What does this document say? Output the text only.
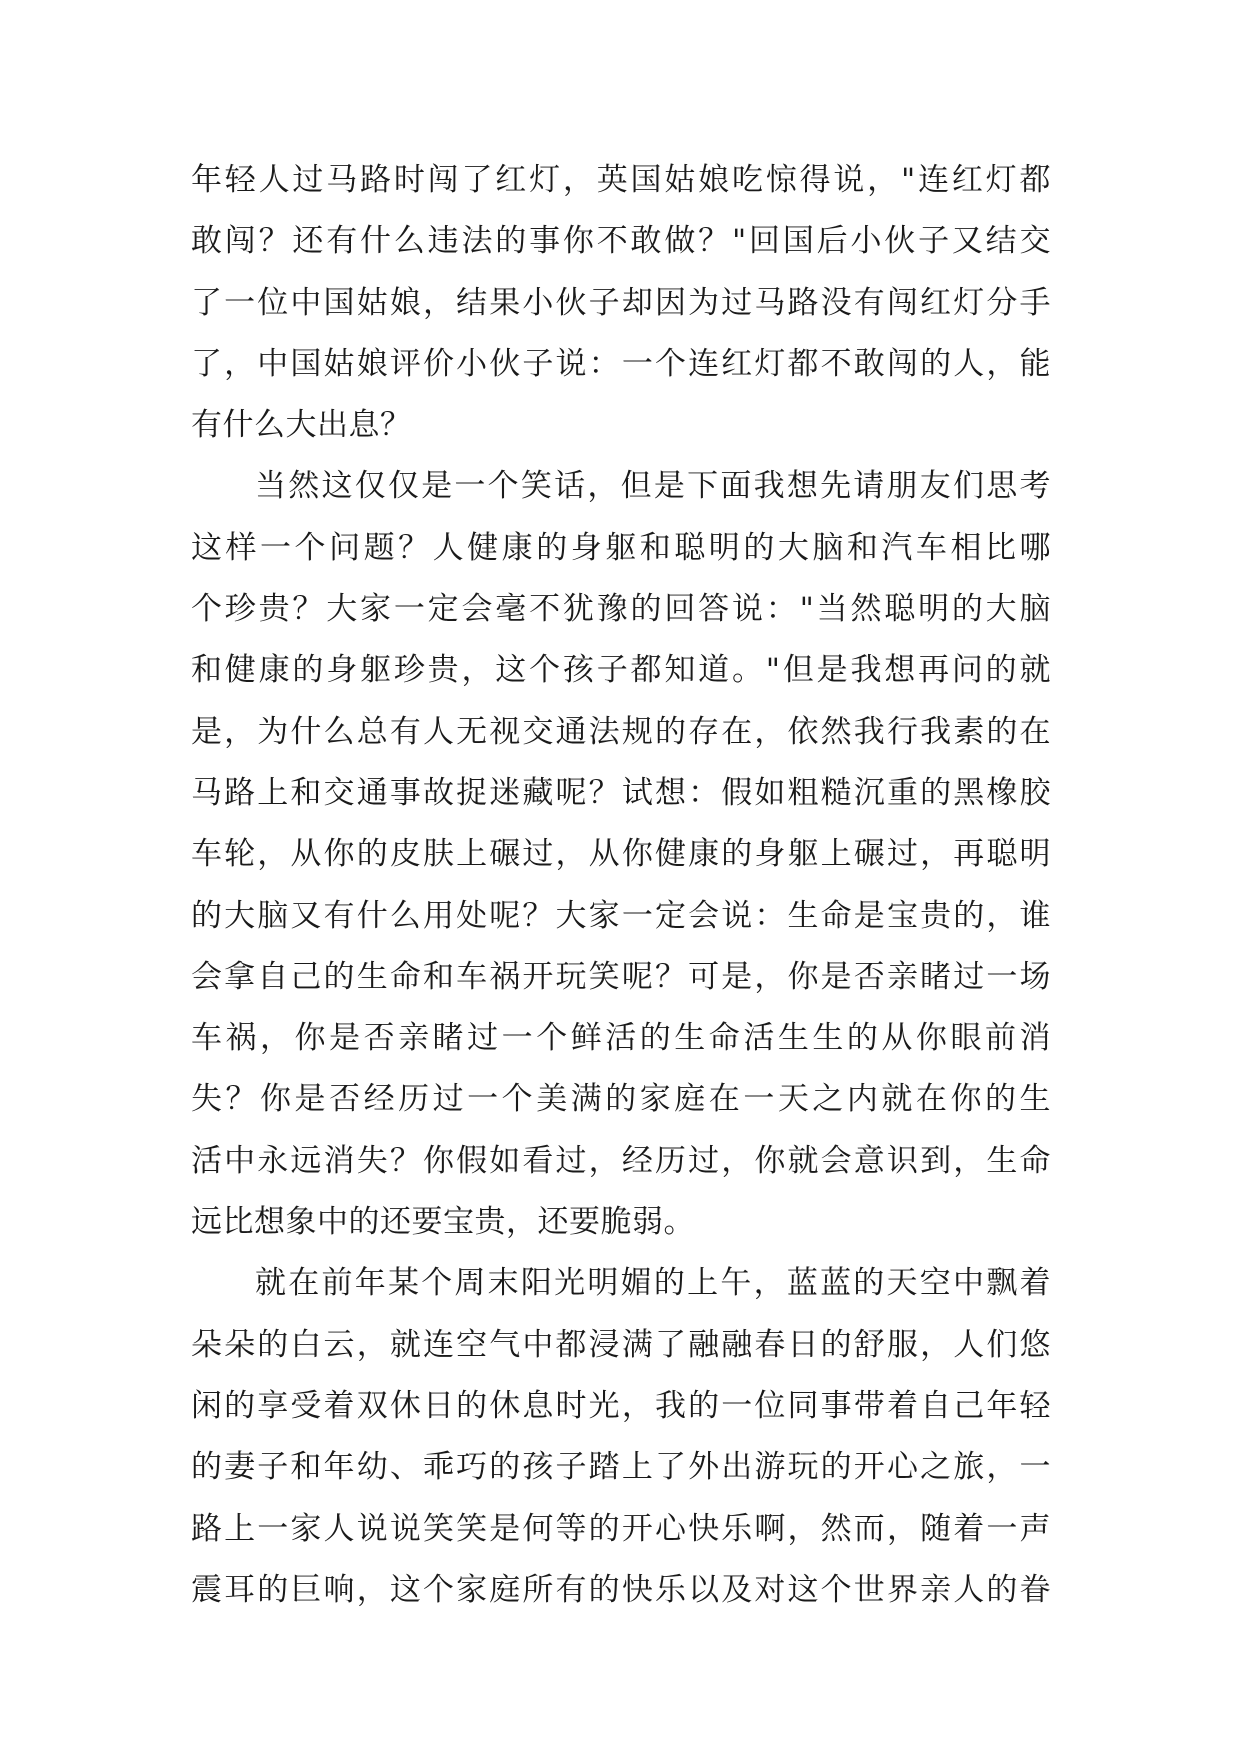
年轻人过马路时闯了红灯，英国姑娘吃惊得说，"连红灯都
敢闯？还有什么违法的事你不敢做？"回国后小伙子又结交
了一位中国姑娘，结果小伙子却因为过马路没有闯红灯分手
了，中国姑娘评价小伙子说：一个连红灯都不敢闯的人，能
有什么大出息？
当然这仅仅是一个笑话，但是下面我想先请朋友们思考
这样一个问题？人健康的身躯和聪明的大脑和汽车相比哪
个珍贵？大家一定会毫不犹豫的回答说："当然聪明的大脑
和健康的身躯珍贵，这个孩子都知道。"但是我想再问的就
是，为什么总有人无视交通法规的存在，依然我行我素的在
马路上和交通事故捉迷藏呢？试想：假如粗糙沉重的黑橡胶
车轮，从你的皮肤上碾过，从你健康的身躯上碾过，再聪明
的大脑又有什么用处呢？大家一定会说：生命是宝贵的，谁
会拿自己的生命和车祸开玩笑呢？可是，你是否亲睹过一场
车祸，你是否亲睹过一个鲜活的生命活生生的从你眼前消
失？你是否经历过一个美满的家庭在一天之内就在你的生
活中永远消失？你假如看过，经历过，你就会意识到，生命
远比想象中的还要宝贵，还要脆弱。
就在前年某个周末阳光明媚的上午，蓝蓝的天空中飘着
朵朵的白云，就连空气中都浸满了融融春日的舒服，人们悠
闲的享受着双休日的休息时光，我的一位同事带着自己年轻
的妻子和年幼、乖巧的孩子踏上了外出游玩的开心之旅，一
路上一家人说说笑笑是何等的开心快乐啊，然而，随着一声
震耳的巨响，这个家庭所有的快乐以及对这个世界亲人的眷
